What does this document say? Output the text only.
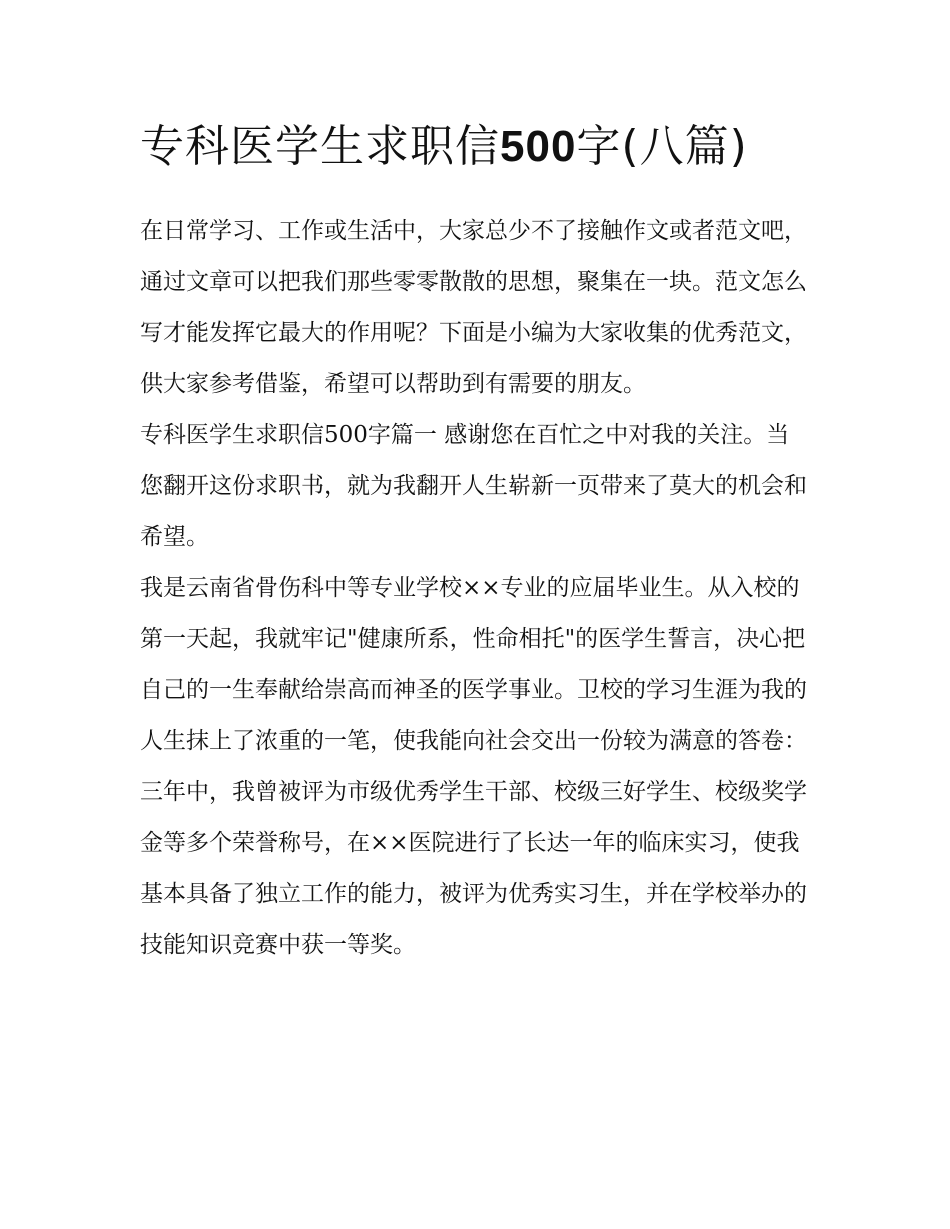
专科医学生求职信500字(八篇)

在日常学习、工作或生活中，大家总少不了接触作文或者范文吧，通过文章可以把我们那些零零散散的思想，聚集在一块。范文怎么写才能发挥它最大的作用呢？下面是小编为大家收集的优秀范文，供大家参考借鉴，希望可以帮助到有需要的朋友。

专科医学生求职信500字篇一 感谢您在百忙之中对我的关注。当您翻开这份求职书，就为我翻开人生崭新一页带来了莫大的机会和希望。

我是云南省骨伤科中等专业学校××专业的应届毕业生。从入校的第一天起，我就牢记"健康所系，性命相托"的医学生誓言，决心把自己的一生奉献给崇高而神圣的医学事业。卫校的学习生涯为我的人生抹上了浓重的一笔，使我能向社会交出一份较为满意的答卷：三年中，我曾被评为市级优秀学生干部、校级三好学生、校级奖学金等多个荣誉称号，在××医院进行了长达一年的临床实习，使我基本具备了独立工作的能力，被评为优秀实习生，并在学校举办的技能知识竞赛中获一等奖。
